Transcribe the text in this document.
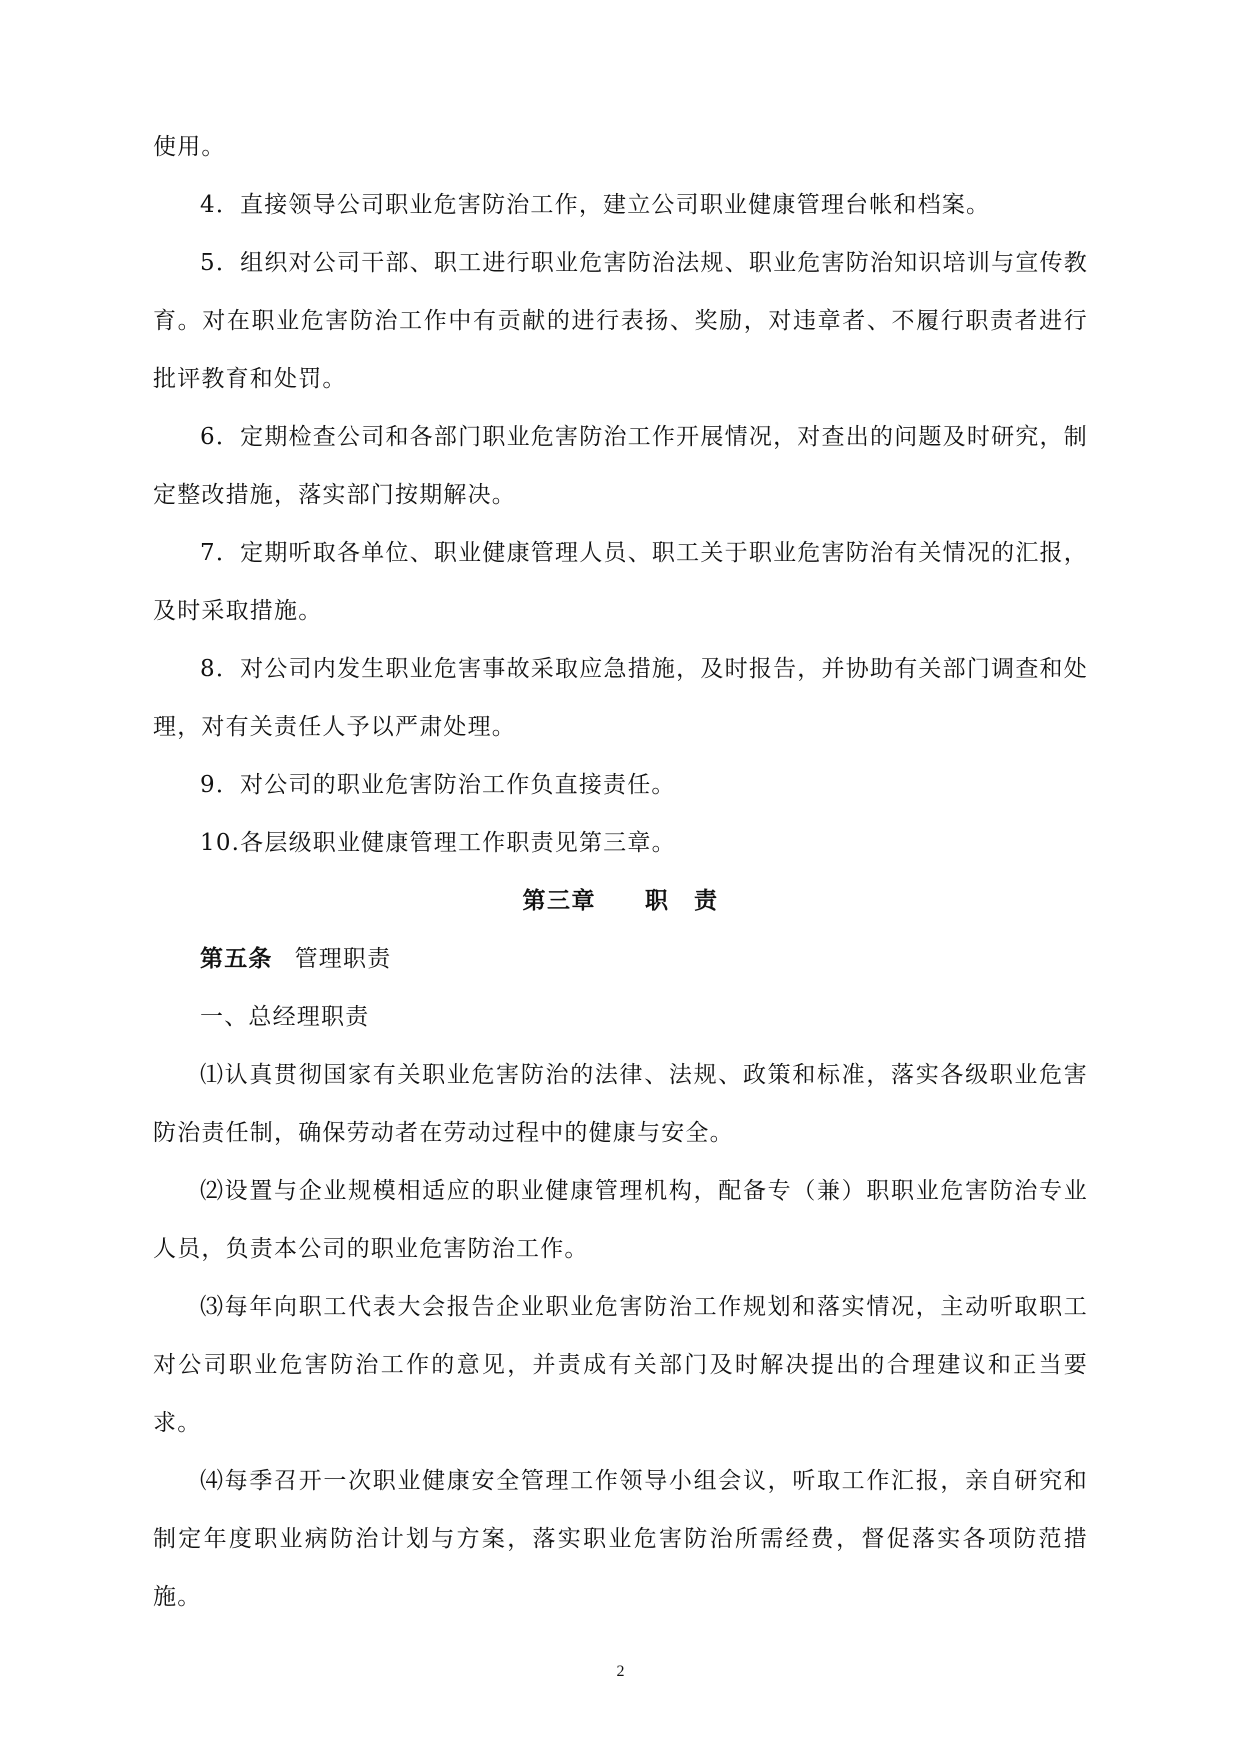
使用。

4．直接领导公司职业危害防治工作，建立公司职业健康管理台帐和档案。

5．组织对公司干部、职工进行职业危害防治法规、职业危害防治知识培训与宣传教育。对在职业危害防治工作中有贡献的进行表扬、奖励，对违章者、不履行职责者进行批评教育和处罚。

6．定期检查公司和各部门职业危害防治工作开展情况，对查出的问题及时研究，制定整改措施，落实部门按期解决。

7．定期听取各单位、职业健康管理人员、职工关于职业危害防治有关情况的汇报，及时采取措施。

8．对公司内发生职业危害事故采取应急措施，及时报告，并协助有关部门调查和处理，对有关责任人予以严肃处理。

9．对公司的职业危害防治工作负直接责任。

10.各层级职业健康管理工作职责见第三章。

第三章　　职　责

第五条 管理职责

一、总经理职责

⑴认真贯彻国家有关职业危害防治的法律、法规、政策和标准，落实各级职业危害防治责任制，确保劳动者在劳动过程中的健康与安全。

⑵设置与企业规模相适应的职业健康管理机构，配备专（兼）职职业危害防治专业人员，负责本公司的职业危害防治工作。

⑶每年向职工代表大会报告企业职业危害防治工作规划和落实情况，主动听取职工对公司职业危害防治工作的意见，并责成有关部门及时解决提出的合理建议和正当要求。

⑷每季召开一次职业健康安全管理工作领导小组会议，听取工作汇报，亲自研究和制定年度职业病防治计划与方案，落实职业危害防治所需经费，督促落实各项防范措施。

2
